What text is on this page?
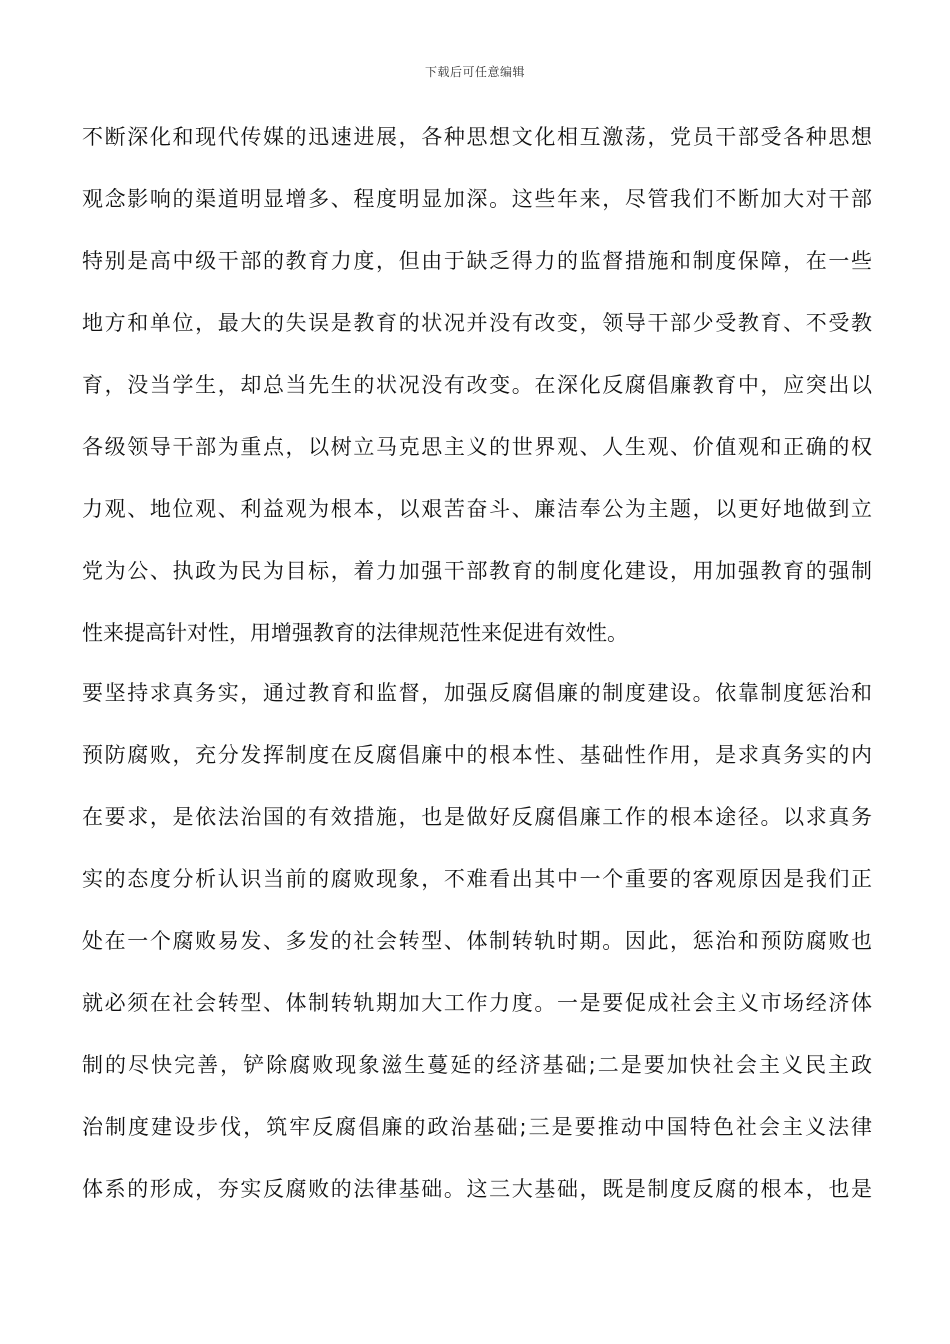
下载后可任意编辑
不断深化和现代传媒的迅速进展，各种思想文化相互激荡，党员干部受各种思想
观念影响的渠道明显增多、程度明显加深。这些年来，尽管我们不断加大对干部
特别是高中级干部的教育力度，但由于缺乏得力的监督措施和制度保障，在一些
地方和单位，最大的失误是教育的状况并没有改变，领导干部少受教育、不受教
育，没当学生，却总当先生的状况没有改变。在深化反腐倡廉教育中，应突出以
各级领导干部为重点，以树立马克思主义的世界观、人生观、价值观和正确的权
力观、地位观、利益观为根本，以艰苦奋斗、廉洁奉公为主题，以更好地做到立
党为公、执政为民为目标，着力加强干部教育的制度化建设，用加强教育的强制
性来提高针对性，用增强教育的法律规范性来促进有效性。
要坚持求真务实，通过教育和监督，加强反腐倡廉的制度建设。依靠制度惩治和
预防腐败，充分发挥制度在反腐倡廉中的根本性、基础性作用，是求真务实的内
在要求，是依法治国的有效措施，也是做好反腐倡廉工作的根本途径。以求真务
实的态度分析认识当前的腐败现象，不难看出其中一个重要的客观原因是我们正
处在一个腐败易发、多发的社会转型、体制转轨时期。因此，惩治和预防腐败也
就必须在社会转型、体制转轨期加大工作力度。一是要促成社会主义市场经济体
制的尽快完善，铲除腐败现象滋生蔓延的经济基础;二是要加快社会主义民主政
治制度建设步伐，筑牢反腐倡廉的政治基础;三是要推动中国特色社会主义法律
体系的形成，夯实反腐败的法律基础。这三大基础，既是制度反腐的根本，也是
